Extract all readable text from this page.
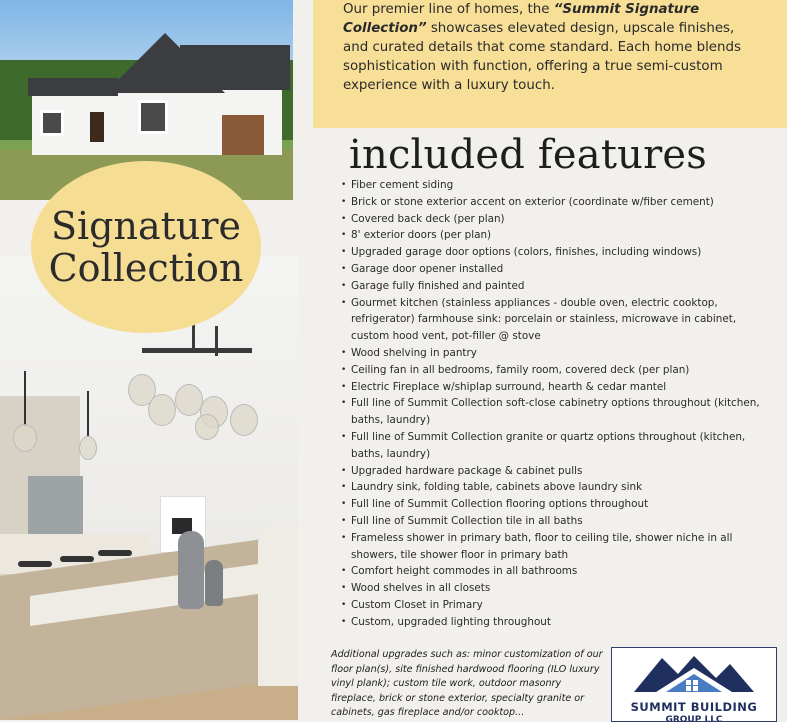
Signature
Collection

Our premier line of homes, the “Summit Signature Collection” showcases elevated design, upscale finishes, and curated details that come standard. Each home blends sophistication with function, offering a true semi-custom experience with a luxury touch.

included features
• Fiber cement siding
• Brick or stone exterior accent on exterior (coordinate w/fiber cement)
• Covered back deck (per plan)
• 8' exterior doors (per plan)
• Upgraded garage door options (colors, finishes, including windows)
• Garage door opener installed
• Garage fully finished and painted
• Gourmet kitchen (stainless appliances - double oven, electric cooktop, refrigerator) farmhouse sink: porcelain or stainless, microwave in cabinet, custom hood vent, pot-filler @ stove
• Wood shelving in pantry
• Ceiling fan in all bedrooms, family room, covered deck (per plan)
• Electric Fireplace w/shiplap surround, hearth & cedar mantel
• Full line of Summit Collection soft-close cabinetry options throughout (kitchen, baths, laundry)
• Full line of Summit Collection granite or quartz options throughout (kitchen, baths, laundry)
• Upgraded hardware package & cabinet pulls
• Laundry sink, folding table, cabinets above laundry sink
• Full line of Summit Collection flooring options throughout
• Full line of Summit Collection tile in all baths
• Frameless shower in primary bath, floor to ceiling tile, shower niche in all showers, tile shower floor in primary bath
• Comfort height commodes in all bathrooms
• Wood shelves in all closets
• Custom Closet in Primary
• Custom, upgraded lighting throughout

Additional upgrades such as: minor customization of our floor plan(s), site finished hardwood flooring (ILO luxury vinyl plank); custom tile work, outdoor masonry fireplace, brick or stone exterior, specialty granite or cabinets, gas fireplace and/or cooktop...	SUMMIT BUILDING
GROUP LLC
